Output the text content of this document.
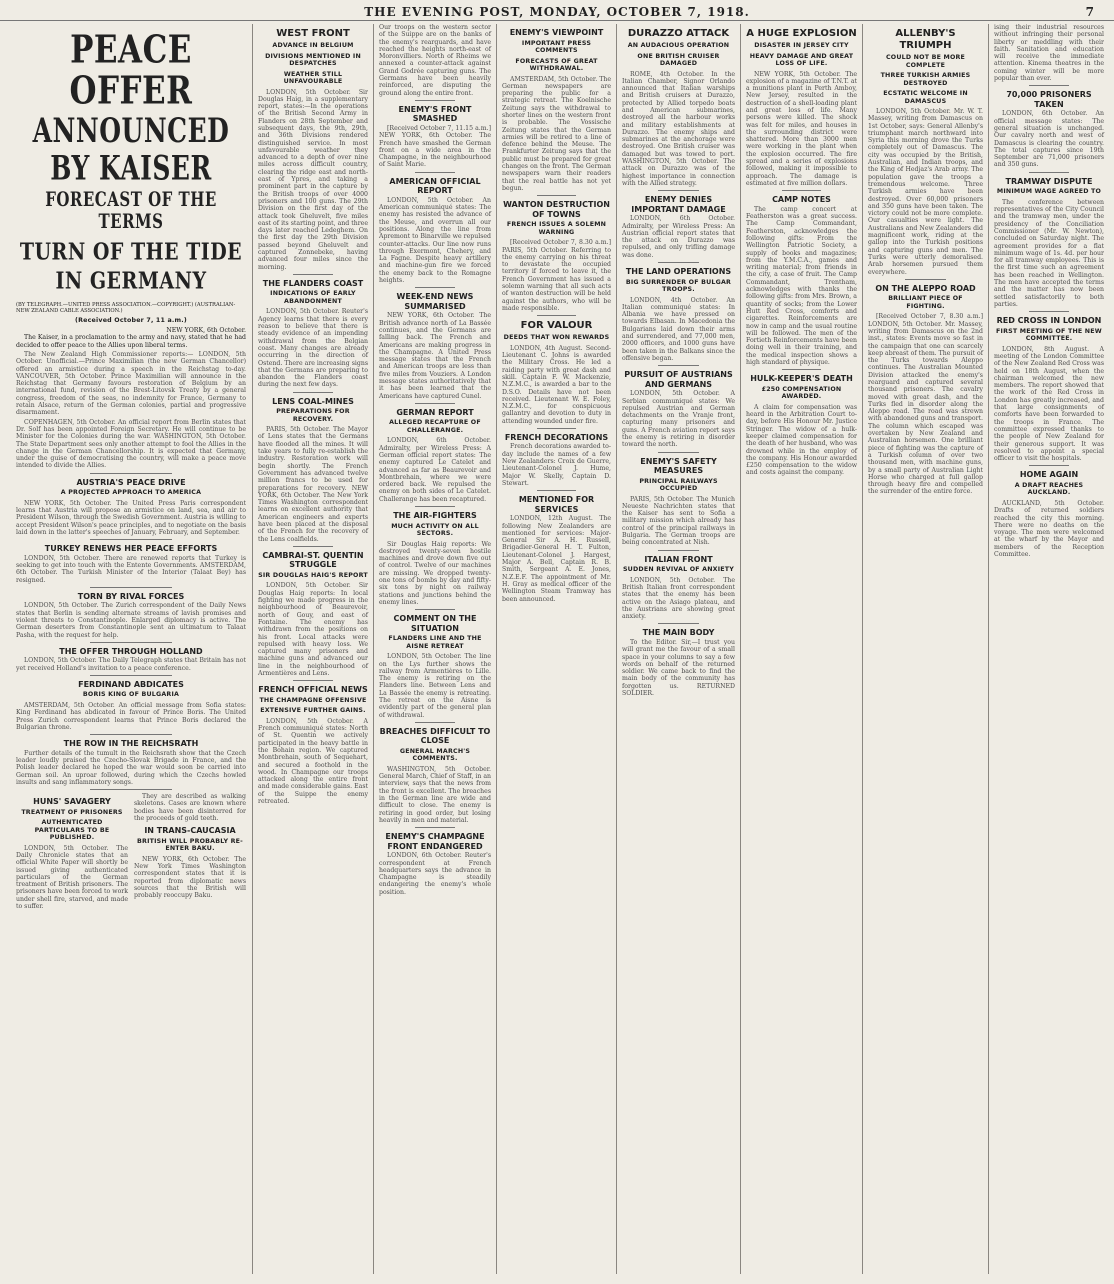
THE EVENING POST, MONDAY, OCTOBER 7, 1918.	7
PEACE OFFER
ANNOUNCED BY KAISER
FORECAST OF THE TERMS
TURN OF THE TIDE IN GERMANY
(BY TELEGRAPH.—UNITED PRESS ASSOCIATION.—COPYRIGHT.) (AUSTRALIAN-NEW ZEALAND CABLE ASSOCIATION.)
(Received October 7, 11 a.m.)
NEW YORK, 6th October.

The Kaiser, in a proclamation to the army and navy, stated that he had decided to offer peace to the Allies upon liberal terms.

The New Zealand High Commissioner reports:— LONDON, 5th October. Unofficial.—Prince Maximilian (the new German Chancellor) offered an armistice during a speech in the Reichstag to-day. VANCOUVER, 5th October. Prince Maximilian will announce in the Reichstag that Germany favours restoration of Belgium by an international fund, revision of the Brest-Litovsk Treaty by a general congress, freedom of the seas, no indemnity for France, Germany to retain Alsace, return of the German colonies, partial and progressive disarmament.

COPENHAGEN, 5th October. An official report from Berlin states that Dr. Solf has been appointed Foreign Secretary. He will continue to be Minister for the Colonies during the war. WASHINGTON, 5th October. The State Department sees only another attempt to fool the Allies in the change in the German Chancellorship. It is expected that Germany, under the guise of democratising the country, will make a peace move intended to divide the Allies.

AUSTRIA'S PEACE DRIVE
A PROJECTED APPROACH TO AMERICA

NEW YORK, 5th October. The United Press Paris correspondent learns that Austria will propose an armistice on land, sea, and air to President Wilson, through the Swedish Government. Austria is willing to accept President Wilson's peace principles, and to negotiate on the basis laid down in the latter's speeches of January, February, and September.

TURKEY RENEWS HER PEACE EFFORTS

LONDON, 5th October. There are renewed reports that Turkey is seeking to get into touch with the Entente Governments. AMSTERDAM, 6th October. The Turkish Minister of the Interior (Talaat Bey) has resigned.

TORN BY RIVAL FORCES

LONDON, 5th October. The Zurich correspondent of the Daily News states that Berlin is sending alternate streams of lavish promises and violent threats to Constantinople. Enlarged diplomacy is active. The German deserters from Constantinople sent an ultimatum to Talaat Pasha, with the request for help.

THE OFFER THROUGH HOLLAND

LONDON, 5th October. The Daily Telegraph states that Britain has not yet received Holland's invitation to a peace conference.

FERDINAND ABDICATES
BORIS KING OF BULGARIA

AMSTERDAM, 5th October. An official message from Sofia states: King Ferdinand has abdicated in favour of Prince Boris. The United Press Zurich correspondent learns that Prince Boris declared the Bulgarian throne.

THE ROW IN THE REICHSRATH

Further details of the tumult in the Reichsrath show that the Czech leader loudly praised the Czecho-Slovak Brigade in France, and the Polish leader declared he hoped the war would soon be carried into German soil. An uproar followed, during which the Czechs howled insults and sang inflammatory songs.

HUNS' SAVAGERY
TREATMENT OF PRISONERS
AUTHENTICATED PARTICULARS TO BE PUBLISHED.

LONDON, 5th October. The Daily Chronicle states that an official White Paper will shortly be issued giving authenticated particulars of the German treatment of British prisoners. The prisoners have been forced to work under shell fire, starved, and made to suffer.

They are described as walking skeletons. Cases are known where bodies have been disinterred for the proceeds of gold teeth.

IN TRANS-CAUCASIA
BRITISH WILL PROBABLY RE-ENTER BAKU.

NEW YORK, 6th October. The New York Times Washington correspondent states that it is reported from diplomatic news sources that the British will probably reoccupy Baku.

WEST FRONT
ADVANCE IN BELGIUM
DIVISIONS MENTIONED IN DESPATCHES
WEATHER STILL UNFAVOURABLE

LONDON, 5th October. Sir Douglas Haig, in a supplementary report, states:—In the operations of the British Second Army in Flanders on 28th September and subsequent days, the 9th, 29th, and 36th Divisions rendered distinguished service. In most unfavourable weather they advanced to a depth of over nine miles across difficult country, clearing the ridge east and north-east of Ypres, and taking a prominent part in the capture by the British troops of over 4000 prisoners and 100 guns. The 29th Division on the first day of the attack took Gheluvelt, five miles east of its starting point, and three days later reached Ledeghem. On the first day the 29th Division passed beyond Gheluvelt and captured Zonnebeke, having advanced four miles since the morning.

THE FLANDERS COAST
INDICATIONS OF EARLY ABANDONMENT

LONDON, 5th October. Reuter's Agency learns that there is every reason to believe that there is steady evidence of an impending withdrawal from the Belgian coast. Many changes are already occurring in the direction of Ostend. There are increasing signs that the Germans are preparing to abandon the Flanders coast during the next few days.

LENS COAL-MINES
PREPARATIONS FOR RECOVERY.

PARIS, 5th October. The Mayor of Lens states that the Germans have flooded all the mines. It will take years to fully re-establish the industry. Restoration work will begin shortly. The French Government has advanced twelve million francs to be used for preparations for recovery. NEW YORK, 6th October. The New York Times Washington correspondent learns on excellent authority that American engineers and experts have been placed at the disposal of the French for the recovery of the Lens coalfields.

CAMBRAI-ST. QUENTIN STRUGGLE
SIR DOUGLAS HAIG'S REPORT

LONDON, 5th October. Sir Douglas Haig reports: In local fighting we made progress in the neighbourhood of Beaurevoir, north of Gouy, and east of Fontaine. The enemy has withdrawn from the positions on his front. Local attacks were repulsed with heavy loss. We captured many prisoners and machine guns and advanced our line in the neighbourhood of Armentières and Lens.

FRENCH OFFICIAL NEWS
THE CHAMPAGNE OFFENSIVE
EXTENSIVE FURTHER GAINS.

LONDON, 5th October. A French communiqué states: North of St. Quentin we actively participated in the heavy battle in the Bohain region. We captured Montbrehain, south of Sequehart, and secured a foothold in the wood. In Champagne our troops attacked along the entire front and made considerable gains. East of the Suippe the enemy retreated.

Our troops on the western sector of the Suippe are on the banks of the enemy's rearguards, and have reached the heights north-east of Moronvilliers. North of Rheims we annexed a counter-attack against Grand Godrée capturing guns. The Germans have been heavily reinforced, are disputing the ground along the entire front.

ENEMY'S FRONT SMASHED

[Received October 7, 11.15 a.m.] NEW YORK, 6th October. The French have smashed the German front on a wide area in the Champagne, in the neighbourhood of Saint Marie.

AMERICAN OFFICIAL REPORT

LONDON, 5th October. An American communiqué states: The enemy has resisted the advance of the Meuse, and overrun all our positions. Along the line from Apremont to Binarville we repulsed counter-attacks. Our line now runs through Exermont, Chehery, and La Fagne. Despite heavy artillery and machine-gun fire we forced the enemy back to the Romagne heights.

WEEK-END NEWS SUMMARISED

NEW YORK, 6th October. The British advance north of La Bassée continues, and the Germans are falling back. The French and Americans are making progress in the Champagne. A United Press message states that the French and American troops are less than five miles from Vouziers. A London message states authoritatively that it has been learned that the Americans have captured Cunel.

GERMAN REPORT
ALLEGED RECAPTURE OF CHALLERANGE.

LONDON, 6th October. Admiralty, per Wireless Press: A German official report states: The enemy captured Le Catelet and advanced as far as Beaurevoir and Montbrehain, where we were ordered back. We repulsed the enemy on both sides of Le Catelet. Challerange has been recaptured.

THE AIR-FIGHTERS
MUCH ACTIVITY ON ALL SECTORS.

Sir Douglas Haig reports: We destroyed twenty-seven hostile machines and drove down five out of control. Twelve of our machines are missing. We dropped twenty-one tons of bombs by day and fifty-six tons by night on railway stations and junctions behind the enemy lines.

COMMENT ON THE SITUATION
FLANDERS LINE AND THE AISNE RETREAT

LONDON, 5th October. The line on the Lys further shows the railway from Armentières to Lille. The enemy is retiring on the Flanders line. Between Lens and La Bassée the enemy is retreating. The retreat on the Aisne is evidently part of the general plan of withdrawal.

BREACHES DIFFICULT TO CLOSE
GENERAL MARCH'S COMMENTS.

WASHINGTON, 5th October. General March, Chief of Staff, in an interview, says that the news from the front is excellent. The breaches in the German line are wide and difficult to close. The enemy is retiring in good order, but losing heavily in men and material.

ENEMY'S CHAMPAGNE FRONT ENDANGERED

LONDON, 6th October. Reuter's correspondent at French headquarters says the advance in Champagne is steadily endangering the enemy's whole position.

ENEMY'S VIEWPOINT
IMPORTANT PRESS COMMENTS
FORECASTS OF GREAT WITHDRAWAL.

AMSTERDAM, 5th October. The German newspapers are preparing the public for a strategic retreat. The Koelnische Zeitung says the withdrawal to shorter lines on the western front is probable. The Vossische Zeitung states that the German armies will be retired to a line of defence behind the Meuse. The Frankfurter Zeitung says that the public must be prepared for great changes on the front. The German newspapers warn their readers that the real battle has not yet begun.

WANTON DESTRUCTION OF TOWNS
FRENCH ISSUES A SOLEMN WARNING

[Received October 7, 8.30 a.m.] PARIS, 5th October. Referring to the enemy carrying on his threat to devastate the occupied territory if forced to leave it, the French Government has issued a solemn warning that all such acts of wanton destruction will be held against the authors, who will be made responsible.

FOR VALOUR
DEEDS THAT WON REWARDS

LONDON, 4th August. Second-Lieutenant C. Johns is awarded the Military Cross. He led a raiding party with great dash and skill. Captain F. W. Mackenzie, N.Z.M.C., is awarded a bar to the D.S.O. Details have not been received. Lieutenant W. E. Foley, N.Z.M.C., for conspicuous gallantry and devotion to duty in attending wounded under fire.

FRENCH DECORATIONS

French decorations awarded to-day include the names of a few New Zealanders: Croix de Guerre, Lieutenant-Colonel J. Hume, Major W. Skelly, Captain D. Stewart.

MENTIONED FOR SERVICES

LONDON, 12th August. The following New Zealanders are mentioned for services: Major-General Sir A. H. Russell, Brigadier-General H. T. Fulton, Lieutenant-Colonel J. Hargest, Major A. Bell, Captain R. B. Smith, Sergeant A. E. Jones, N.Z.E.F. The appointment of Mr. H. Gray as medical officer of the Wellington Steam Tramway has been announced.

DURAZZO ATTACK
AN AUDACIOUS OPERATION
ONE BRITISH CRUISER DAMAGED

ROME, 4th October. In the Italian Chamber, Signor Orlando announced that Italian warships and British cruisers at Durazzo, protected by Allied torpedo boats and American submarines, destroyed all the harbour works and military establishments at Durazzo. The enemy ships and submarines at the anchorage were destroyed. One British cruiser was damaged but was towed to port. WASHINGTON, 5th October. The attack on Durazzo was of the highest importance in connection with the Allied strategy.

ENEMY DENIES IMPORTANT DAMAGE

LONDON, 6th October. Admiralty, per Wireless Press: An Austrian official report states that the attack on Durazzo was repulsed, and only trifling damage was done.

THE LAND OPERATIONS
BIG SURRENDER OF BULGAR TROOPS.

LONDON, 4th October. An Italian communiqué states: In Albania we have pressed on towards Elbasan. In Macedonia the Bulgarians laid down their arms and surrendered, and 77,000 men, 2000 officers, and 1000 guns have been taken in the Balkans since the offensive began.

PURSUIT OF AUSTRIANS AND GERMANS

LONDON, 5th October. A Serbian communiqué states: We repulsed Austrian and German detachments on the Vranje front, capturing many prisoners and guns. A French aviation report says the enemy is retiring in disorder toward the north.

ENEMY'S SAFETY MEASURES
PRINCIPAL RAILWAYS OCCUPIED

PARIS, 5th October. The Munich Neueste Nachrichten states that the Kaiser has sent to Sofia a military mission which already has control of the principal railways in Bulgaria. The German troops are being concentrated at Nish.

ITALIAN FRONT
SUDDEN REVIVAL OF ANXIETY

LONDON, 5th October. The British Italian front correspondent states that the enemy has been active on the Asiago plateau, and the Austrians are showing great anxiety.

THE MAIN BODY

To the Editor. Sir,—I trust you will grant me the favour of a small space in your columns to say a few words on behalf of the returned soldier. We came back to find the main body of the community has forgotten us. RETURNED SOLDIER.

A HUGE EXPLOSION
DISASTER IN JERSEY CITY
HEAVY DAMAGE AND GREAT LOSS OF LIFE.

NEW YORK, 5th October. The explosion of a magazine of T.N.T. at a munitions plant in Perth Amboy, New Jersey, resulted in the destruction of a shell-loading plant and great loss of life. Many persons were killed. The shock was felt for miles, and houses in the surrounding district were shattered. More than 3000 men were working in the plant when the explosion occurred. The fire spread and a series of explosions followed, making it impossible to approach. The damage is estimated at five million dollars.

CAMP NOTES

The camp concert at Featherston was a great success. The Camp Commandant, Featherston, acknowledges the following gifts: From the Wellington Patriotic Society, a supply of books and magazines; from the Y.M.C.A., games and writing material; from friends in the city, a case of fruit. The Camp Commandant, Trentham, acknowledges with thanks the following gifts: from Mrs. Brown, a quantity of socks; from the Lower Hutt Red Cross, comforts and cigarettes. Reinforcements are now in camp and the usual routine will be followed. The men of the Fortieth Reinforcements have been doing well in their training, and the medical inspection shows a high standard of physique.

HULK-KEEPER'S DEATH
£250 COMPENSATION AWARDED.

A claim for compensation was heard in the Arbitration Court to-day, before His Honour Mr. Justice Stringer. The widow of a hulk-keeper claimed compensation for the death of her husband, who was drowned while in the employ of the company. His Honour awarded £250 compensation to the widow and costs against the company.

ALLENBY'S TRIUMPH
COULD NOT BE MORE COMPLETE
THREE TURKISH ARMIES DESTROYED
ECSTATIC WELCOME IN DAMASCUS

LONDON, 5th October. Mr. W. T. Massey, writing from Damascus on 1st October, says: General Allenby's triumphant march northward into Syria this morning drove the Turks completely out of Damascus. The city was occupied by the British, Australian, and Indian troops, and the King of Hedjaz's Arab army. The population gave the troops a tremendous welcome. Three Turkish armies have been destroyed. Over 60,000 prisoners and 350 guns have been taken. The victory could not be more complete. Our casualties were light. The Australians and New Zealanders did magnificent work, riding at the gallop into the Turkish positions and capturing guns and men. The Turks were utterly demoralised. Arab horsemen pursued them everywhere.

ON THE ALEPPO ROAD
BRILLIANT PIECE OF FIGHTING.

[Received October 7, 8.30 a.m.] LONDON, 5th October. Mr. Massey, writing from Damascus on the 2nd inst., states: Events move so fast in the campaign that one can scarcely keep abreast of them. The pursuit of the Turks towards Aleppo continues. The Australian Mounted Division attacked the enemy's rearguard and captured several thousand prisoners. The cavalry moved with great dash, and the Turks fled in disorder along the Aleppo road. The road was strewn with abandoned guns and transport. The column which escaped was overtaken by New Zealand and Australian horsemen. One brilliant piece of fighting was the capture of a Turkish column of over two thousand men, with machine guns, by a small party of Australian Light Horse who charged at full gallop through heavy fire and compelled the surrender of the entire force.

ising their industrial resources without infringing their personal liberty or meddling with their faith. Sanitation and education will receive the immediate attention. Kinema theatres in the coming winter will be more popular than ever.

70,000 PRISONERS TAKEN

LONDON, 6th October. An official message states: The general situation is unchanged. Our cavalry north and west of Damascus is clearing the country. The total captures since 19th September are 71,000 prisoners and 350 guns.

TRAMWAY DISPUTE
MINIMUM WAGE AGREED TO

The conference between representatives of the City Council and the tramway men, under the presidency of the Conciliation Commissioner (Mr. W. Newton), concluded on Saturday night. The agreement provides for a flat minimum wage of 1s. 4d. per hour for all tramway employees. This is the first time such an agreement has been reached in Wellington. The men have accepted the terms and the matter has now been settled satisfactorily to both parties.

RED CROSS IN LONDON
FIRST MEETING OF THE NEW COMMITTEE.

LONDON, 8th August. A meeting of the London Committee of the New Zealand Red Cross was held on 18th August, when the chairman welcomed the new members. The report showed that the work of the Red Cross in London has greatly increased, and that large consignments of comforts have been forwarded to the troops in France. The committee expressed thanks to the people of New Zealand for their generous support. It was resolved to appoint a special officer to visit the hospitals.

HOME AGAIN
A DRAFT REACHES AUCKLAND.

AUCKLAND, 5th October. Drafts of returned soldiers reached the city this morning. There were no deaths on the voyage. The men were welcomed at the wharf by the Mayor and members of the Reception Committee.
